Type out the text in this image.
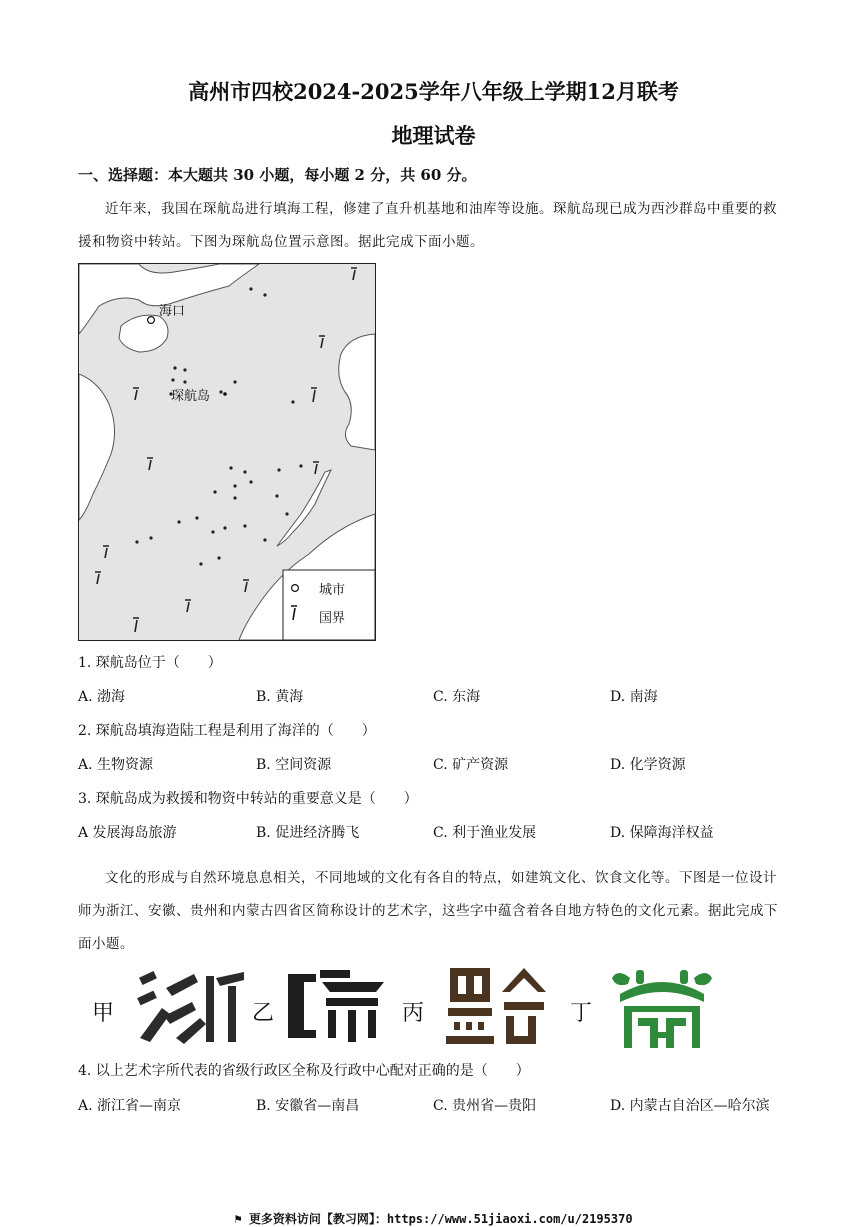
高州市四校2024-2025学年八年级上学期12月联考
地理试卷
一、选择题：本大题共 30 小题，每小题 2 分，共 60 分。
近年来，我国在琛航岛进行填海工程，修建了直升机基地和油库等设施。琛航岛现已成为西沙群岛中重要的救援和物资中转站。下图为琛航岛位置示意图。据此完成下面小题。
海口
琛航岛
城市
国界
1. 琛航岛位于（　　）
A. 渤海	B. 黄海	C. 东海	D. 南海
2. 琛航岛填海造陆工程是利用了海洋的（　　）
A. 生物资源	B. 空间资源	C. 矿产资源	D. 化学资源
3. 琛航岛成为救援和物资中转站的重要意义是（　　）
A 发展海岛旅游	B. 促进经济腾飞	C. 利于渔业发展	D. 保障海洋权益
文化的形成与自然环境息息相关，不同地域的文化有各自的特点，如建筑文化、饮食文化等。下图是一位设计师为浙江、安徽、贵州和内蒙古四省区简称设计的艺术字，这些字中蕴含着各自地方特色的文化元素。据此完成下面小题。
甲	乙	丙	丁
4. 以上艺术字所代表的省级行政区全称及行政中心配对正确的是（　　）
A. 浙江省—南京	B. 安徽省—南昌	C. 贵州省—贵阳	D. 内蒙古自治区—哈尔滨
⚑ 更多资料访问【教习网】：https://www.51jiaoxi.com/u/2195370
